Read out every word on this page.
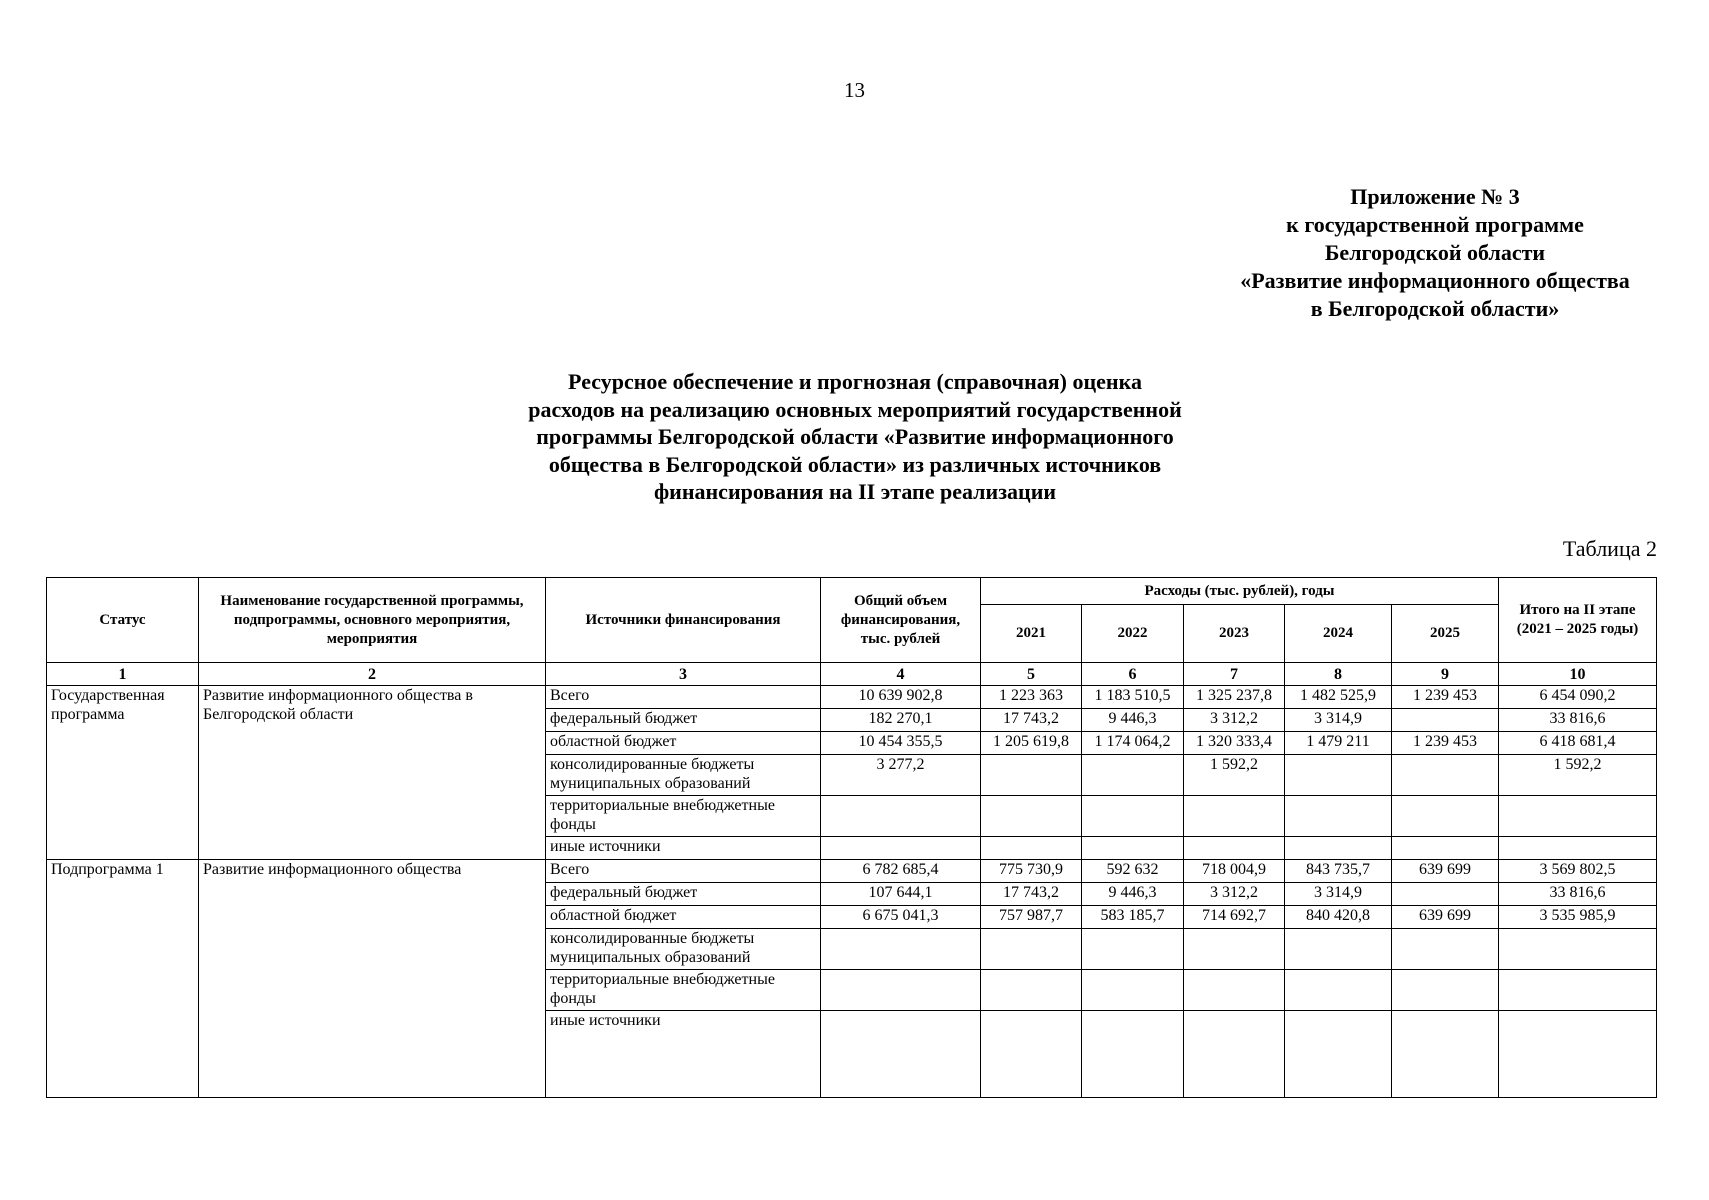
13
Приложение № 3
к государственной программе
Белгородской области
«Развитие информационного общества
в Белгородской области»
Ресурсное обеспечение и прогнозная (справочная) оценка
расходов на реализацию основных мероприятий государственной
программы Белгородской области «Развитие информационного
общества в Белгородской области» из различных источников
финансирования на II этапе реализации
Таблица 2
Статус	Наименование государственной программы, подпрограммы, основного мероприятия, мероприятия	Источники финансирования	Общий объем финансирования, тыс. рублей	Расходы (тыс. рублей), годы					Итого на II этапе (2021 – 2025 годы)
				2021	2022	2023	2024	2025	
1	2	3	4	5	6	7	8	9	10
Государственная программа	Развитие информационного общества в Белгородской области	Всего	10 639 902,8	1 223 363	1 183 510,5	1 325 237,8	1 482 525,9	1 239 453	6 454 090,2
		федеральный бюджет	182 270,1	17 743,2	9 446,3	3 312,2	3 314,9		33 816,6
		областной бюджет	10 454 355,5	1 205 619,8	1 174 064,2	1 320 333,4	1 479 211	1 239 453	6 418 681,4
		консолидированные бюджеты муниципальных образований	3 277,2			1 592,2			1 592,2
		территориальные внебюджетные фонды							
		иные источники							
Подпрограмма 1	Развитие информационного общества	Всего	6 782 685,4	775 730,9	592 632	718 004,9	843 735,7	639 699	3 569 802,5
		федеральный бюджет	107 644,1	17 743,2	9 446,3	3 312,2	3 314,9		33 816,6
		областной бюджет	6 675 041,3	757 987,7	583 185,7	714 692,7	840 420,8	639 699	3 535 985,9
		консолидированные бюджеты муниципальных образований							
		территориальные внебюджетные фонды							
		иные источники							
